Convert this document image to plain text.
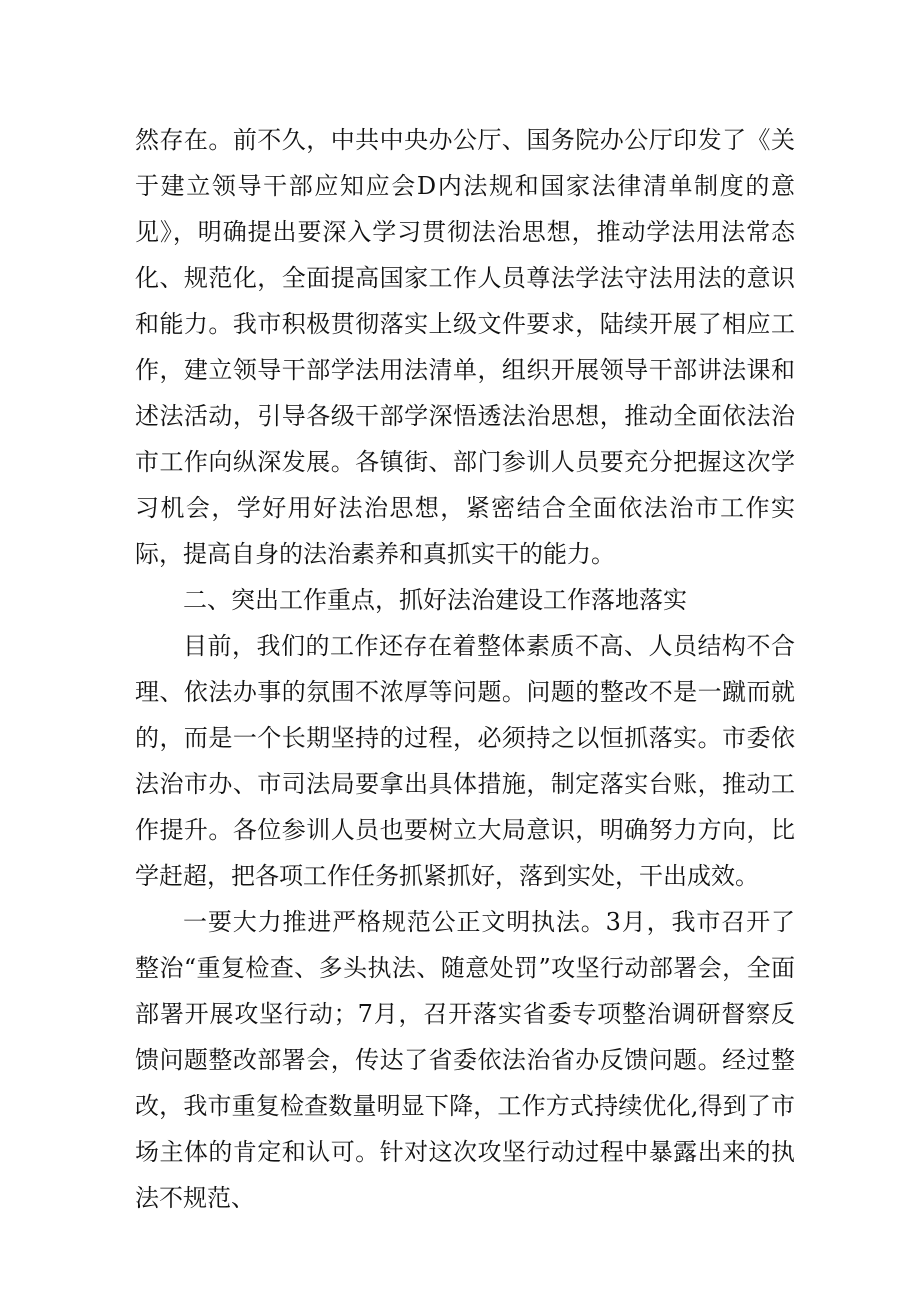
然存在。前不久，中共中央办公厅、国务院办公厅印发了《关于建立领导干部应知应会D内法规和国家法律清单制度的意见》，明确提出要深入学习贯彻法治思想，推动学法用法常态化、规范化，全面提高国家工作人员尊法学法守法用法的意识和能力。我市积极贯彻落实上级文件要求，陆续开展了相应工作，建立领导干部学法用法清单，组织开展领导干部讲法课和述法活动，引导各级干部学深悟透法治思想，推动全面依法治市工作向纵深发展。各镇街、部门参训人员要充分把握这次学习机会，学好用好法治思想，紧密结合全面依法治市工作实际，提高自身的法治素养和真抓实干的能力。

二、突出工作重点，抓好法治建设工作落地落实

目前，我们的工作还存在着整体素质不高、人员结构不合理、依法办事的氛围不浓厚等问题。问题的整改不是一蹴而就的，而是一个长期坚持的过程，必须持之以恒抓落实。市委依法治市办、市司法局要拿出具体措施，制定落实台账，推动工作提升。各位参训人员也要树立大局意识，明确努力方向，比学赶超，把各项工作任务抓紧抓好，落到实处，干出成效。

一要大力推进严格规范公正文明执法。3月，我市召开了整治“重复检查、多头执法、随意处罚”攻坚行动部署会，全面部署开展攻坚行动；7月，召开落实省委专项整治调研督察反馈问题整改部署会，传达了省委依法治省办反馈问题。经过整改，我市重复检查数量明显下降，工作方式持续优化,得到了市场主体的肯定和认可。针对这次攻坚行动过程中暴露出来的执法不规范、
